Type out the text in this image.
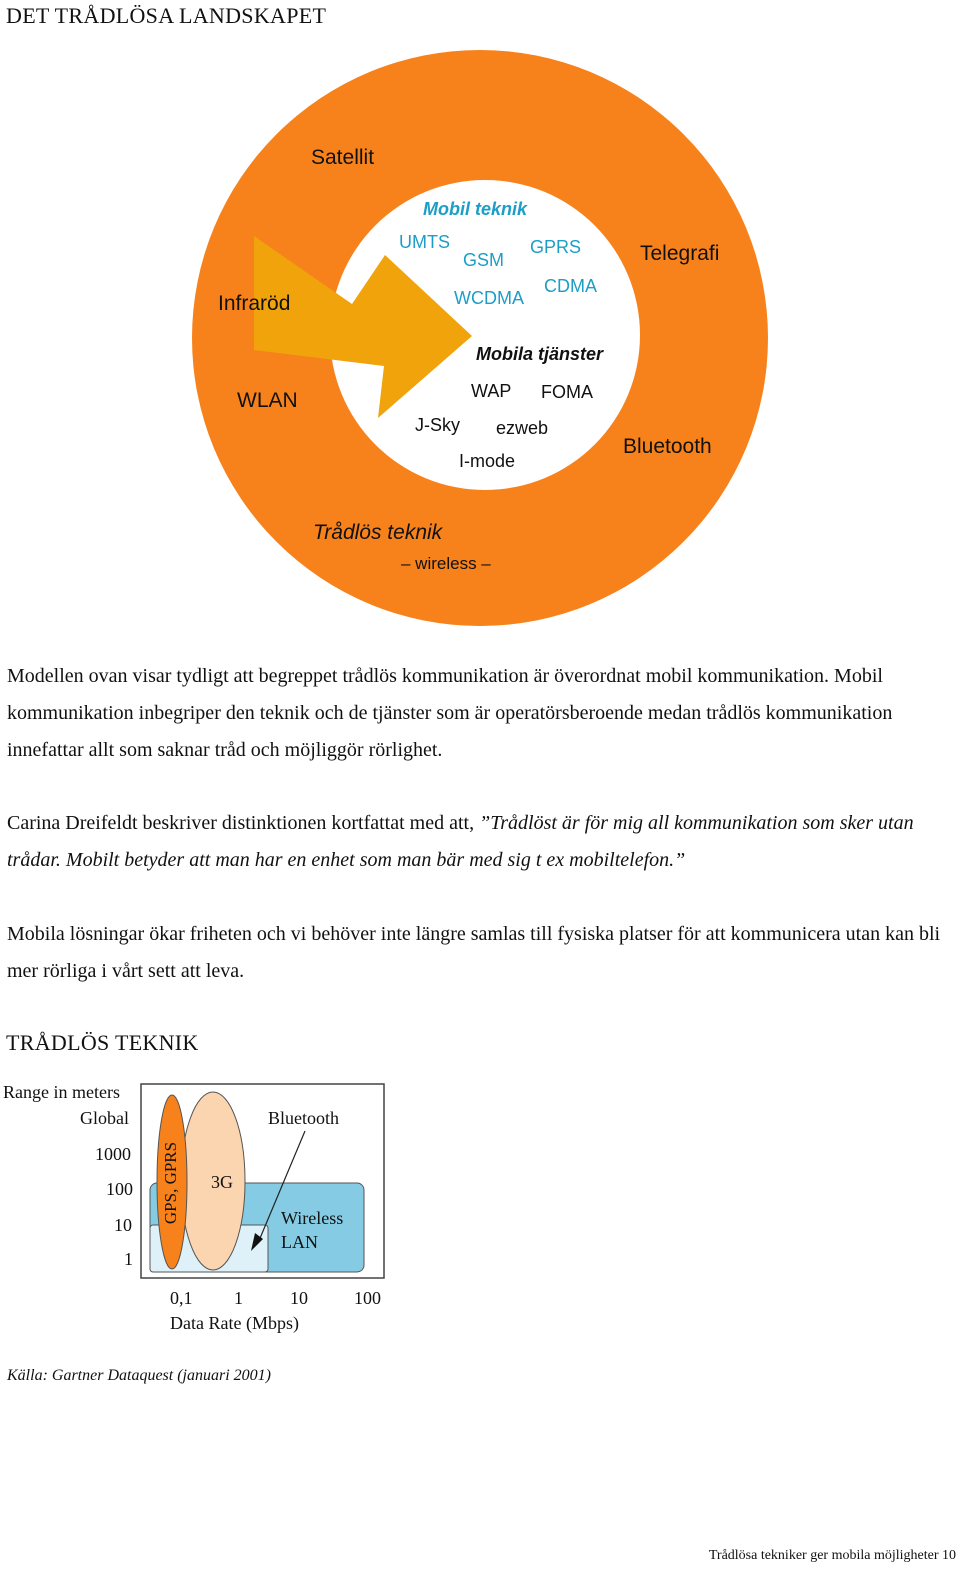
DET TRÅDLÖSA LANDSKAPET
Satellit
Telegrafi
Infraröd
WLAN
Bluetooth
Trådlös teknik
– wireless –
Mobil teknik
UMTS
GSM
GPRS
WCDMA
CDMA
Mobila tjänster
WAP FOMA
J-Sky ezweb
I-mode

Modellen ovan visar tydligt att begreppet trådlös kommunikation är överordnat mobil kommunikation. Mobil kommunikation inbegriper den teknik och de tjänster som är operatörsberoende medan trådlös kommunikation innefattar allt som saknar tråd och möjliggör rörlighet.

Carina Dreifeldt beskriver distinktionen kortfattat med att, ”Trådlöst är för mig all kommunikation som sker utan trådar. Mobilt betyder att man har en enhet som man bär med sig t ex mobiltelefon.”

Mobila lösningar ökar friheten och vi behöver inte längre samlas till fysiska platser för att kommunicera utan kan bli mer rörliga i vårt sett att leva.

TRÅDLÖS TEKNIK
GPS, GPRS
Range in meters
Global
1000
100
10
1
Bluetooth
3G
Wireless LAN
0,1 1	10	100
Data Rate (Mbps)
Källa: Gartner Dataquest (januari 2001)
Trådlösa tekniker ger mobila möjligheter 10
